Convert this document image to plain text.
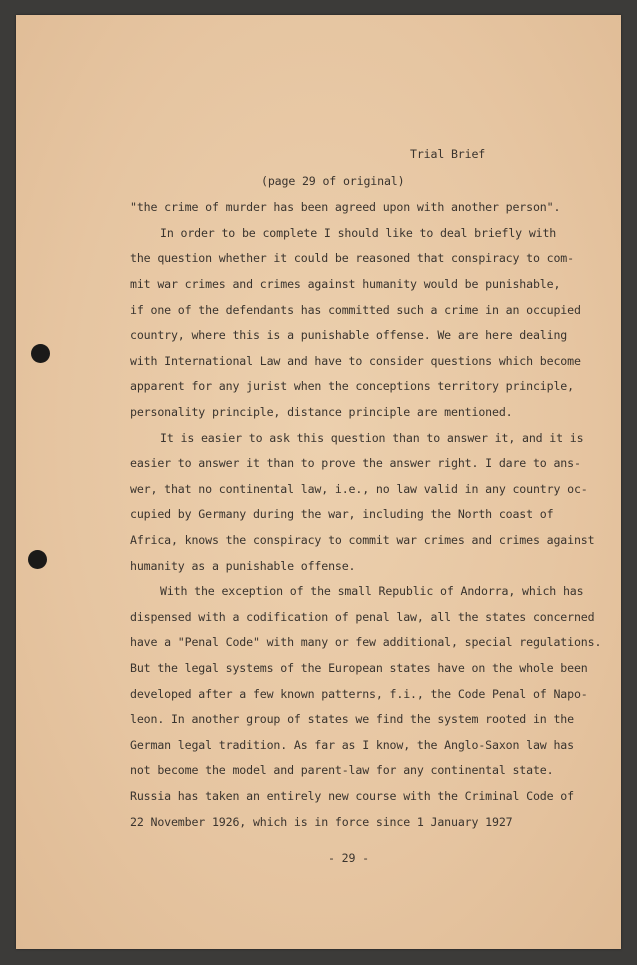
Trial Brief
(page 29 of original)
"the crime of murder has been agreed upon with another person".
In order to be complete I should like to deal briefly with
the question whether it could be reasoned that conspiracy to com-
mit war crimes and crimes against humanity would be punishable,
if one of the defendants has committed such a crime in an occupied
country, where this is a punishable offense. We are here dealing
with International Law and have to consider questions which become
apparent for any jurist when the conceptions territory principle,
personality principle, distance principle are mentioned.
It is easier to ask this question than to answer it, and it is
easier to answer it than to prove the answer right. I dare to ans-
wer, that no continental law, i.e., no law valid in any country oc-
cupied by Germany during the war, including the North coast of
Africa, knows the conspiracy to commit war crimes and crimes against
humanity as a punishable offense.
With the exception of the small Republic of Andorra, which has
dispensed with a codification of penal law, all the states concerned
have a "Penal Code" with many or few additional, special regulations.
But the legal systems of the European states have on the whole been
developed after a few known patterns, f.i., the Code Penal of Napo-
leon. In another group of states we find the system rooted in the
German legal tradition. As far as I know, the Anglo-Saxon law has
not become the model and parent-law for any continental state.
Russia has taken an entirely new course with the Criminal Code of
22 November 1926, which is in force since 1 January 1927
- 29 -
